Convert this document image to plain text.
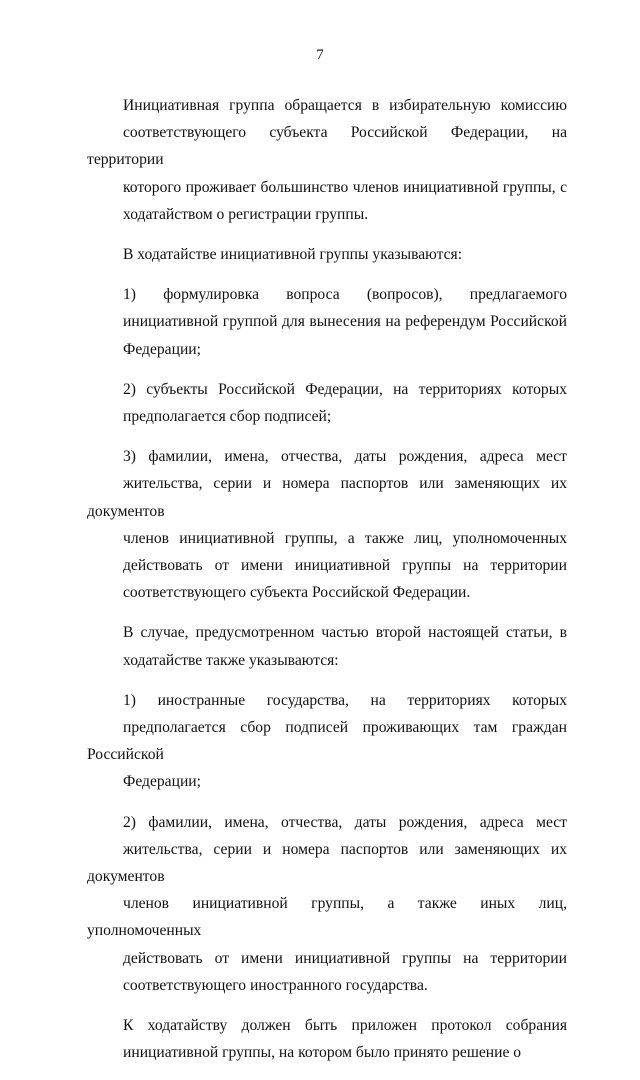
7

Инициативная группа обращается в избирательную комиссию
соответствующего субъекта Российской Федерации, на территории
которого проживает большинство членов инициативной группы, с
ходатайством о регистрации группы.

В ходатайстве инициативной группы указываются:

1) формулировка вопроса (вопросов), предлагаемого
инициативной группой для вынесения на референдум Российской
Федерации;

2) субъекты Российской Федерации, на территориях которых
предполагается сбор подписей;

3) фамилии, имена, отчества, даты рождения, адреса мест
жительства, серии и номера паспортов или заменяющих их документов
членов инициативной группы, а также лиц, уполномоченных
действовать от имени инициативной группы на территории
соответствующего субъекта Российской Федерации.

В случае, предусмотренном частью второй настоящей статьи, в
ходатайстве также указываются:

1) иностранные государства, на территориях которых
предполагается сбор подписей проживающих там граждан Российской
Федерации;

2) фамилии, имена, отчества, даты рождения, адреса мест
жительства, серии и номера паспортов или заменяющих их документов
членов инициативной группы, а также иных лиц, уполномоченных
действовать от имени инициативной группы на территории
соответствующего иностранного государства.

К ходатайству должен быть приложен протокол собрания
инициативной группы, на котором было принято решение о
